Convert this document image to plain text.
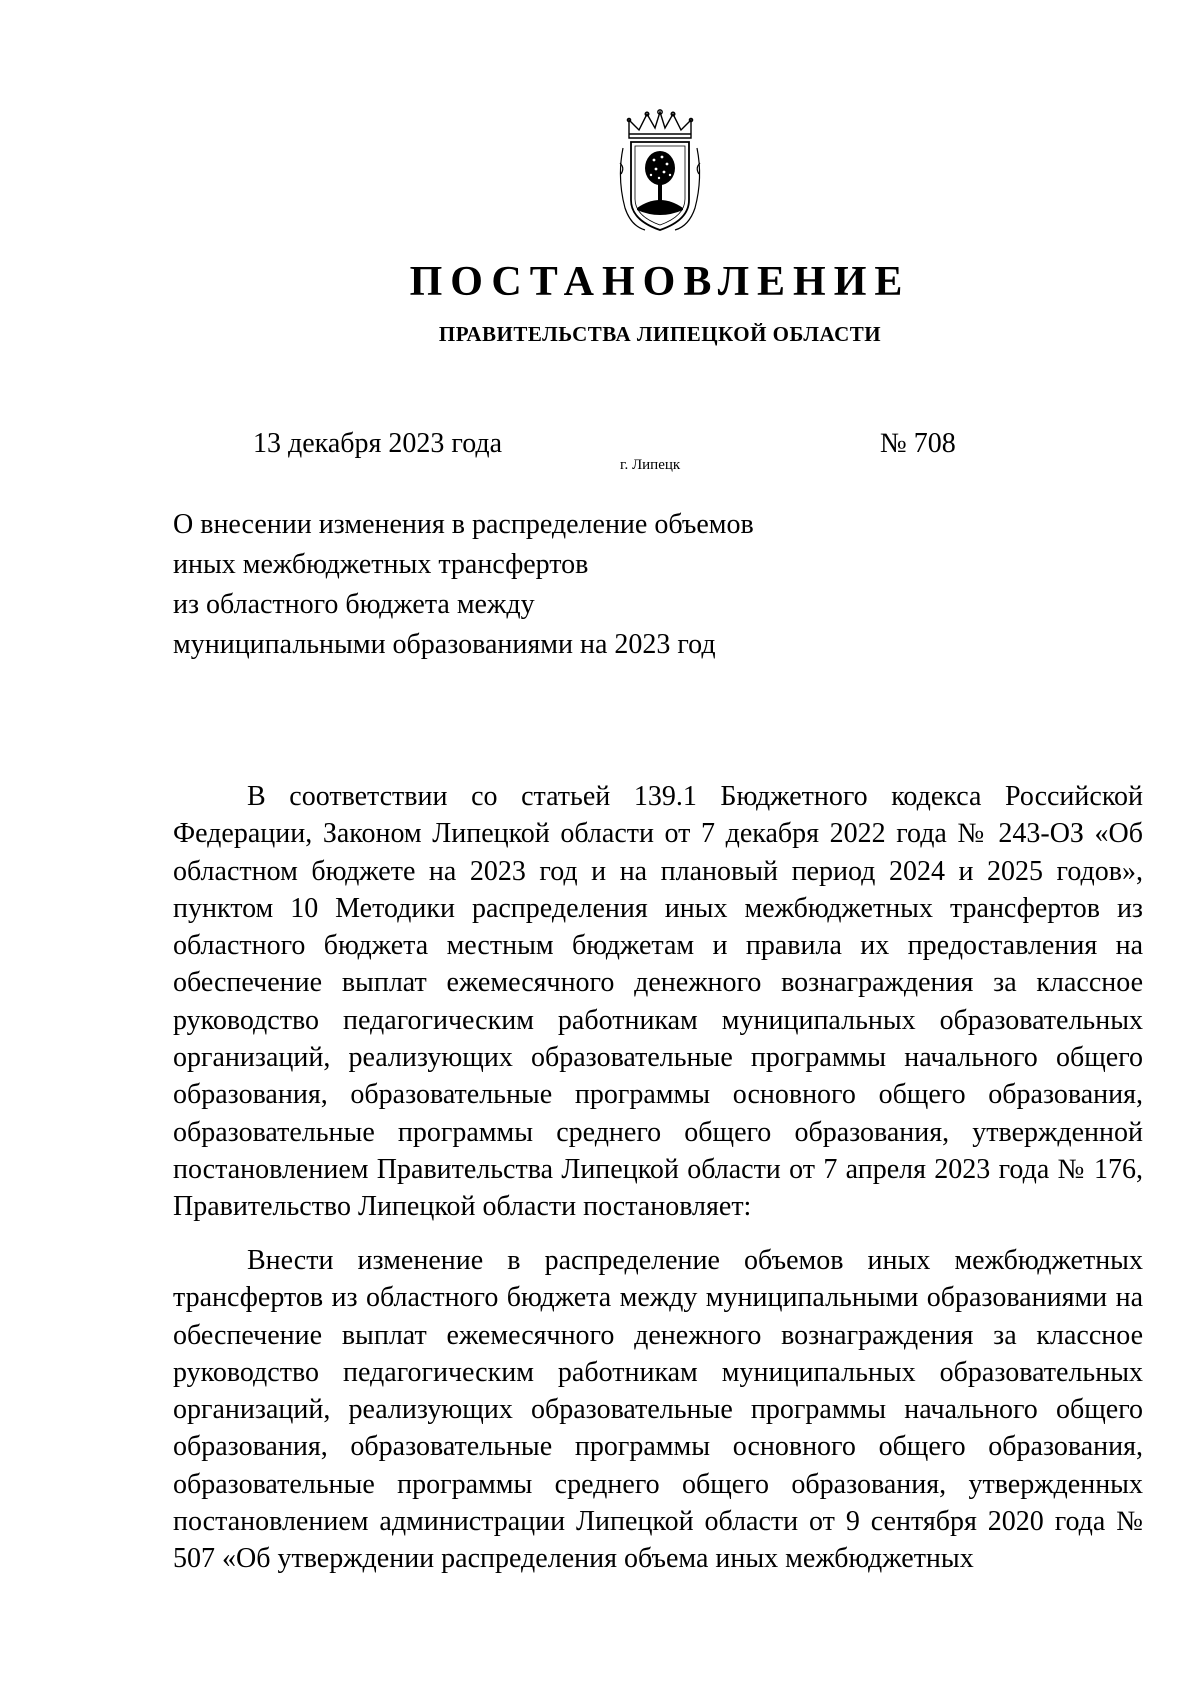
ПОСТАНОВЛЕНИЕ
ПРАВИТЕЛЬСТВА ЛИПЕЦКОЙ ОБЛАСТИ
13 декабря 2023 года
г. Липецк
№ 708
О внесении изменения в распределение объемов
иных межбюджетных трансфертов
из областного бюджета между
муниципальными образованиями на 2023 год

В соответствии со статьей 139.1 Бюджетного кодекса Российской Федерации, Законом Липецкой области от 7 декабря 2022 года № 243-ОЗ «Об областном бюджете на 2023 год и на плановый период 2024 и 2025 годов», пунктом 10 Методики распределения иных межбюджетных трансфертов из областного бюджета местным бюджетам и правила их предоставления на обеспечение выплат ежемесячного денежного вознаграждения за классное руководство педагогическим работникам муниципальных образовательных организаций, реализующих образовательные программы начального общего образования, образовательные программы основного общего образования, образовательные программы среднего общего образования, утвержденной постановлением Правительства Липецкой области от 7 апреля 2023 года № 176, Правительство Липецкой области постановляет:

Внести изменение в распределение объемов иных межбюджетных трансфертов из областного бюджета между муниципальными образованиями на обеспечение выплат ежемесячного денежного вознаграждения за классное руководство педагогическим работникам муниципальных образовательных организаций, реализующих образовательные программы начального общего образования, образовательные программы основного общего образования, образовательные программы среднего общего образования, утвержденных постановлением администрации Липецкой области от 9 сентября 2020 года № 507 «Об утверждении распределения объема иных межбюджетных
